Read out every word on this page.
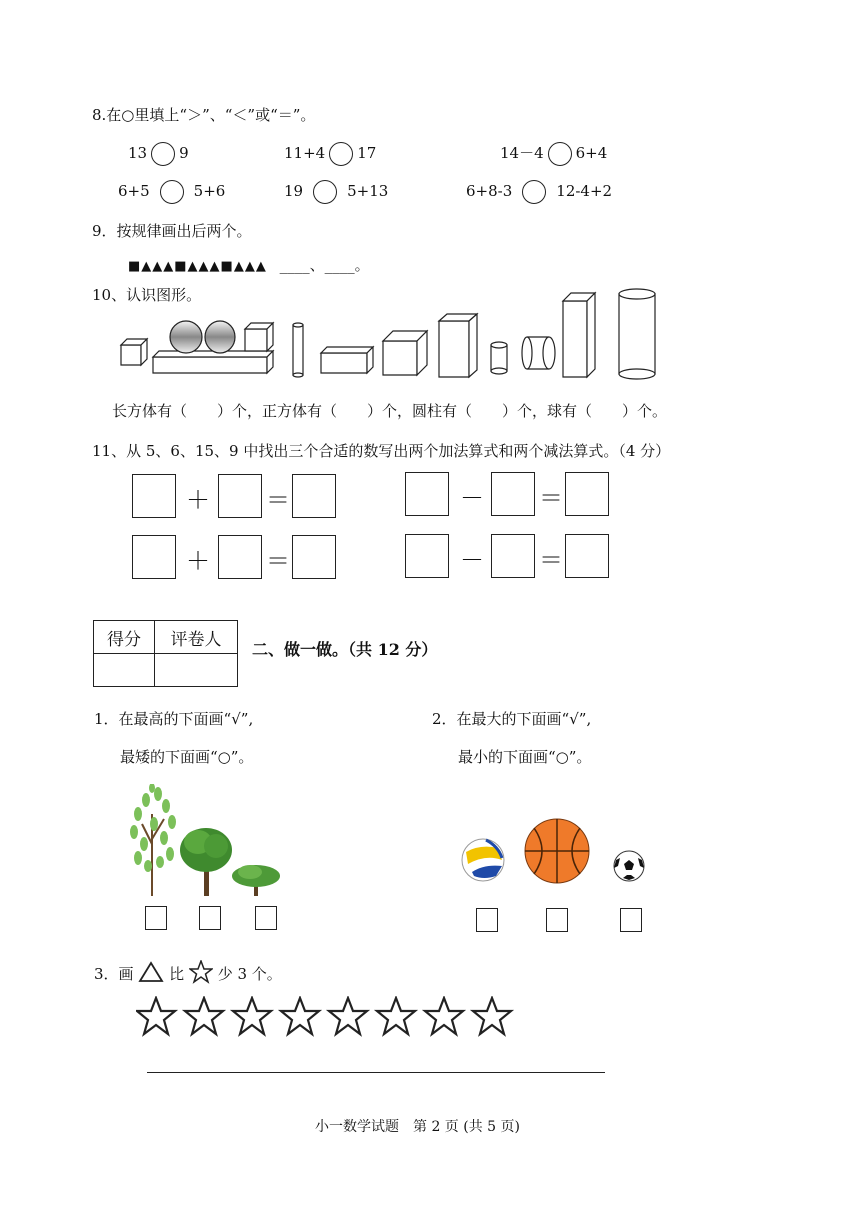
8.在○里填上“＞”、“＜”或“＝”。
13 9	11+4 17	14－4 6+4
6+5	5+6	19	5+13	6+8-3	12-4+2
9．按规律画出后两个。
■▲▲▲■▲▲▲■▲▲▲ ____、____。
10、认识图形。
长方体有（　　）个，正方体有（　　）个，圆柱有（　　）个，球有（　　）个。
11、从 5、6、15、9 中找出三个合适的数写出两个加法算式和两个减法算式。（4 分）
＋ ＝	－ ＝
＋ ＝	－ ＝
得分	评卷人
	二、做一做。（共 12 分）
1．在最高的下面画“√”,
最矮的下面画“○”。
2．在最大的下面画“√”,
最小的下面画“○”。
3．画 比 少 3 个。
小一数学试题　第 2 页 (共 5 页)
